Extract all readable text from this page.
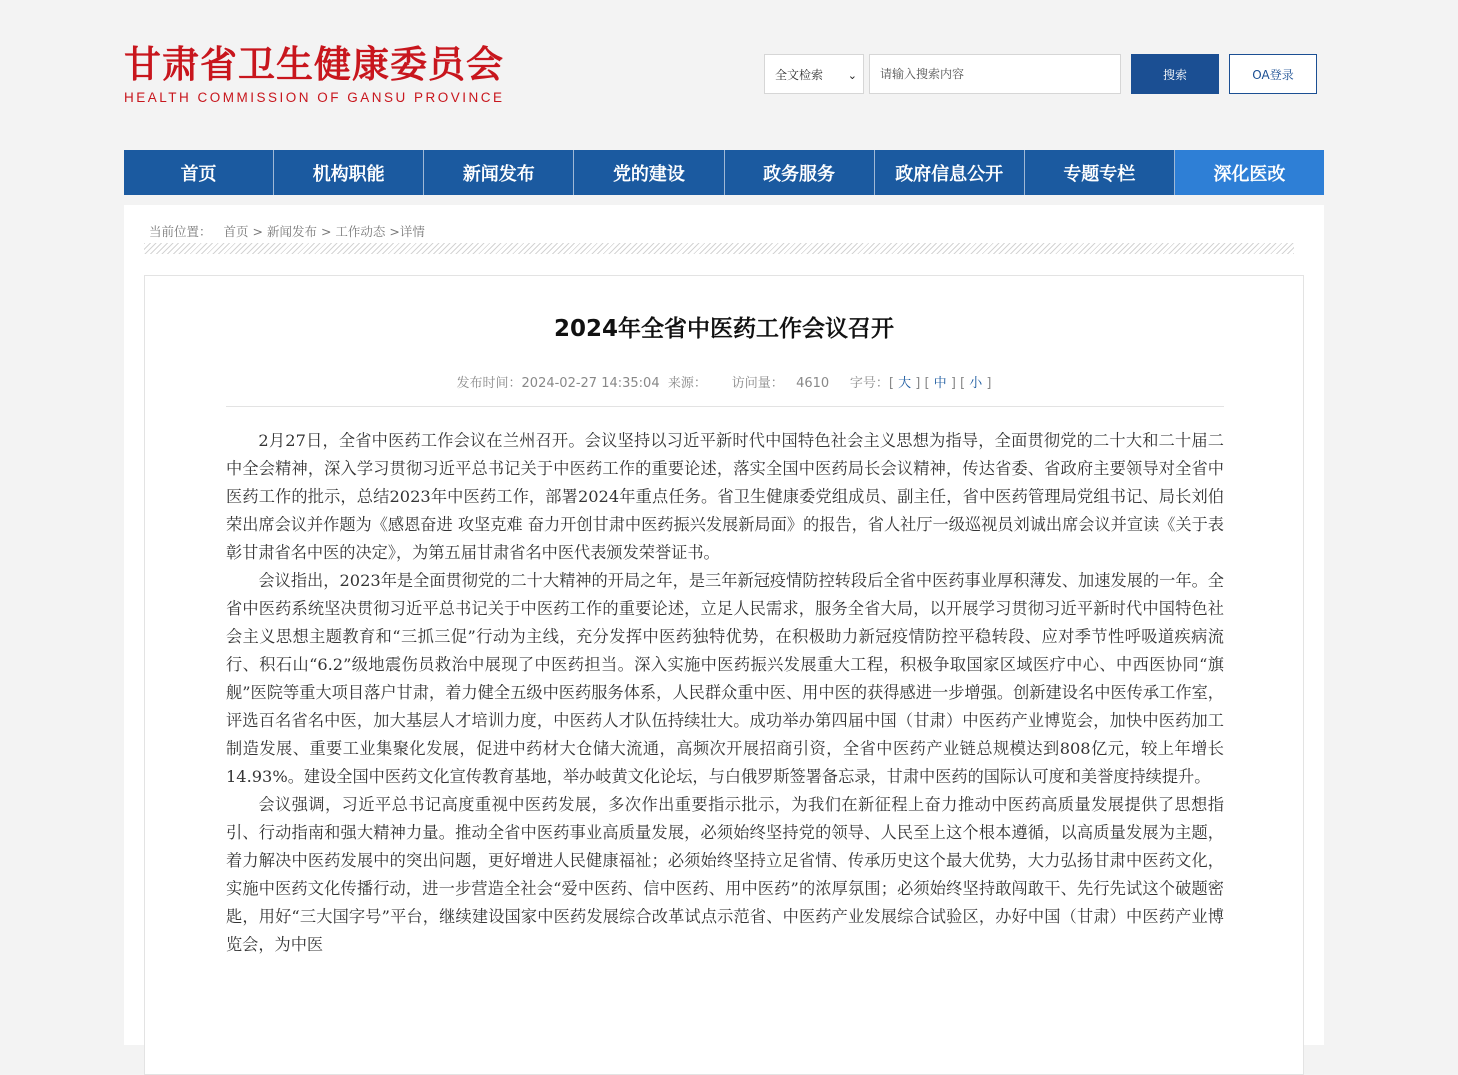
甘肃省卫生健康委员会
HEALTH COMMISSION OF GANSU PROVINCE
全文检索 ⌄
请输入搜索内容	搜索	OA登录
首页	机构职能	新闻发布	党的建设	政务服务	政府信息公开	专题专栏	深化医改
当前位置： 首页 > 新闻发布 > 工作动态 >详情
2024年全省中医药工作会议召开
发布时间：2024-02-27 14:35:04 来源： 访问量： 4610 字号：[ 大 ] [ 中 ] [ 小 ]

2月27日，全省中医药工作会议在兰州召开。会议坚持以习近平新时代中国特色社会主义思想为指导，全面贯彻党的二十大和二十届二中全会精神，深入学习贯彻习近平总书记关于中医药工作的重要论述，落实全国中医药局长会议精神，传达省委、省政府主要领导对全省中医药工作的批示，总结2023年中医药工作，部署2024年重点任务。省卫生健康委党组成员、副主任，省中医药管理局党组书记、局长刘伯荣出席会议并作题为《感恩奋进 攻坚克难 奋力开创甘肃中医药振兴发展新局面》的报告，省人社厅一级巡视员刘诚出席会议并宣读《关于表彰甘肃省名中医的决定》，为第五届甘肃省名中医代表颁发荣誉证书。

会议指出，2023年是全面贯彻党的二十大精神的开局之年，是三年新冠疫情防控转段后全省中医药事业厚积薄发、加速发展的一年。全省中医药系统坚决贯彻习近平总书记关于中医药工作的重要论述，立足人民需求，服务全省大局，以开展学习贯彻习近平新时代中国特色社会主义思想主题教育和“三抓三促”行动为主线，充分发挥中医药独特优势，在积极助力新冠疫情防控平稳转段、应对季节性呼吸道疾病流行、积石山“6.2”级地震伤员救治中展现了中医药担当。深入实施中医药振兴发展重大工程，积极争取国家区域医疗中心、中西医协同“旗舰”医院等重大项目落户甘肃，着力健全五级中医药服务体系，人民群众重中医、用中医的获得感进一步增强。创新建设名中医传承工作室，评选百名省名中医，加大基层人才培训力度，中医药人才队伍持续壮大。成功举办第四届中国（甘肃）中医药产业博览会，加快中医药加工制造发展、重要工业集聚化发展，促进中药材大仓储大流通，高频次开展招商引资，全省中医药产业链总规模达到808亿元，较上年增长14.93%。建设全国中医药文化宣传教育基地，举办岐黄文化论坛，与白俄罗斯签署备忘录，甘肃中医药的国际认可度和美誉度持续提升。

会议强调，习近平总书记高度重视中医药发展，多次作出重要指示批示，为我们在新征程上奋力推动中医药高质量发展提供了思想指引、行动指南和强大精神力量。推动全省中医药事业高质量发展，必须始终坚持党的领导、人民至上这个根本遵循，以高质量发展为主题，着力解决中医药发展中的突出问题，更好增进人民健康福祉；必须始终坚持立足省情、传承历史这个最大优势，大力弘扬甘肃中医药文化，实施中医药文化传播行动，进一步营造全社会“爱中医药、信中医药、用中医药”的浓厚氛围；必须始终坚持敢闯敢干、先行先试这个破题密匙，用好“三大国字号”平台，继续建设国家中医药发展综合改革试点示范省、中医药产业发展综合试验区，办好中国（甘肃）中医药产业博览会，为中医
